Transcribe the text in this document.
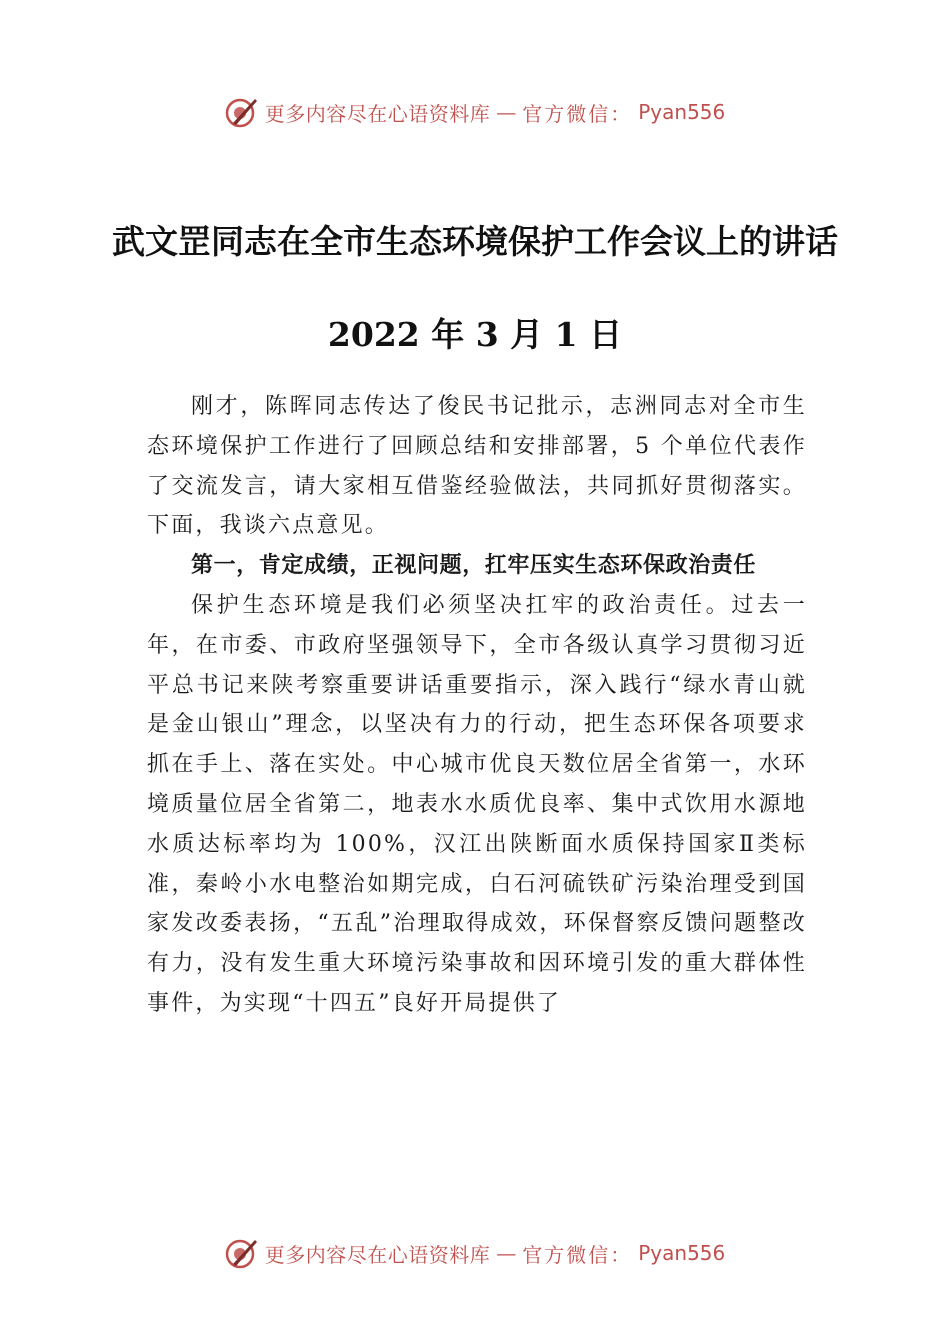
更多内容尽在心语资料库 — 官方微信： Pyan556
武文罡同志在全市生态环境保护工作会议上的讲话
2022 年 3 月 1 日

刚才，陈晖同志传达了俊民书记批示，志洲同志对全市生态环境保护工作进行了回顾总结和安排部署，5 个单位代表作了交流发言，请大家相互借鉴经验做法，共同抓好贯彻落实。下面，我谈六点意见。

第一，肯定成绩，正视问题，扛牢压实生态环保政治责任

保护生态环境是我们必须坚决扛牢的政治责任。过去一年，在市委、市政府坚强领导下，全市各级认真学习贯彻习近平总书记来陕考察重要讲话重要指示，深入践行“绿水青山就是金山银山”理念，以坚决有力的行动，把生态环保各项要求抓在手上、落在实处。中心城市优良天数位居全省第一，水环境质量位居全省第二，地表水水质优良率、集中式饮用水源地水质达标率均为 100%，汉江出陕断面水质保持国家Ⅱ类标准，秦岭小水电整治如期完成，白石河硫铁矿污染治理受到国家发改委表扬，“五乱”治理取得成效，环保督察反馈问题整改有力，没有发生重大环境污染事故和因环境引发的重大群体性事件，为实现“十四五”良好开局提供了

更多内容尽在心语资料库 — 官方微信： Pyan556
